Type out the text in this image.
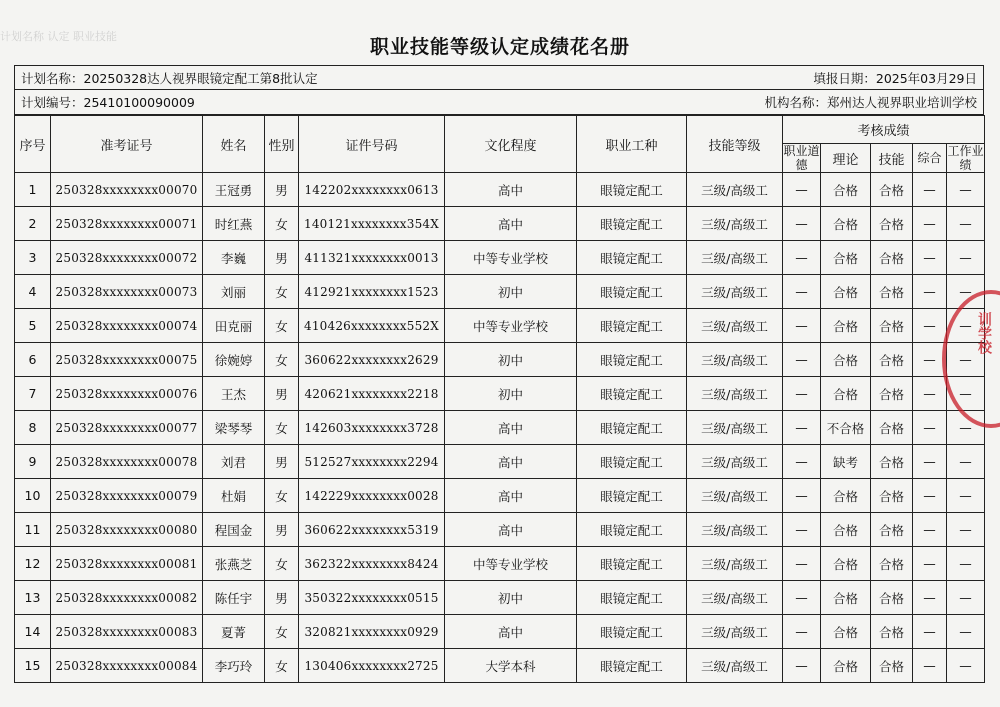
计划名称 认定 职业技能	职业技能等级认定成绩花名册
计划名称：20250328达人视界眼镜定配工第8批认定	填报日期：2025年03月29日
计划编号：25410100090009	机构名称：郑州达人视界职业培训学校
序号	准考证号	姓名	性别	证件号码	文化程度	职业工种	技能等级	考核成绩				
								职业道德	理论	技能	综合	工作业绩
1	250328xxxxxxxx00070	王冠勇	男	142202xxxxxxxx0613	高中	眼镜定配工	三级/高级工	—	合格	合格	—	—
2	250328xxxxxxxx00071	时红燕	女	140121xxxxxxxx354X	高中	眼镜定配工	三级/高级工	—	合格	合格	—	—
3	250328xxxxxxxx00072	李巍	男	411321xxxxxxxx0013	中等专业学校	眼镜定配工	三级/高级工	—	合格	合格	—	—
4	250328xxxxxxxx00073	刘丽	女	412921xxxxxxxx1523	初中	眼镜定配工	三级/高级工	—	合格	合格	—	—
5	250328xxxxxxxx00074	田克丽	女	410426xxxxxxxx552X	中等专业学校	眼镜定配工	三级/高级工	—	合格	合格	—	—
6	250328xxxxxxxx00075	徐婉婷	女	360622xxxxxxxx2629	初中	眼镜定配工	三级/高级工	—	合格	合格	—	—
7	250328xxxxxxxx00076	王杰	男	420621xxxxxxxx2218	初中	眼镜定配工	三级/高级工	—	合格	合格	—	—
8	250328xxxxxxxx00077	梁琴琴	女	142603xxxxxxxx3728	高中	眼镜定配工	三级/高级工	—	不合格	合格	—	—
9	250328xxxxxxxx00078	刘君	男	512527xxxxxxxx2294	高中	眼镜定配工	三级/高级工	—	缺考	合格	—	—
10	250328xxxxxxxx00079	杜娟	女	142229xxxxxxxx0028	高中	眼镜定配工	三级/高级工	—	合格	合格	—	—
11	250328xxxxxxxx00080	程国金	男	360622xxxxxxxx5319	高中	眼镜定配工	三级/高级工	—	合格	合格	—	—
12	250328xxxxxxxx00081	张燕芝	女	362322xxxxxxxx8424	中等专业学校	眼镜定配工	三级/高级工	—	合格	合格	—	—
13	250328xxxxxxxx00082	陈任宇	男	350322xxxxxxxx0515	初中	眼镜定配工	三级/高级工	—	合格	合格	—	—
14	250328xxxxxxxx00083	夏菁	女	320821xxxxxxxx0929	高中	眼镜定配工	三级/高级工	—	合格	合格	—	—
15	250328xxxxxxxx00084	李巧玲	女	130406xxxxxxxx2725	大学本科	眼镜定配工	三级/高级工	—	合格	合格	—	—
训学校
